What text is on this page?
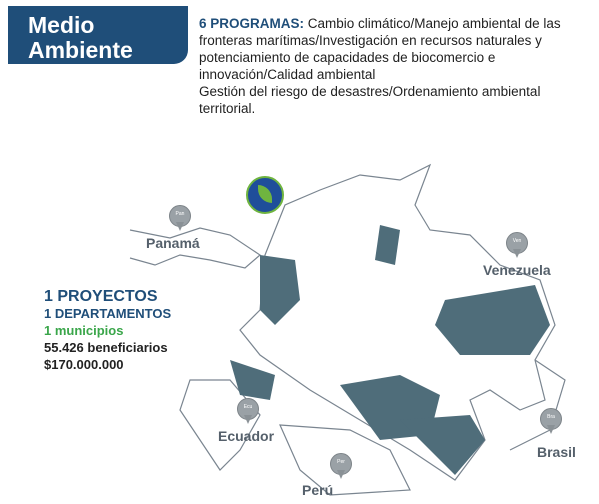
Medio
Ambiente
6 PROGRAMAS: Cambio climático/Manejo ambiental de las fronteras marítimas/Investigación en recursos naturales y potenciamiento de capacidades de biocomercio e innovación/Calidad ambiental
Gestión del riesgo de desastres/Ordenamiento ambiental territorial.
1 PROYECTOS
1 DEPARTAMENTOS
1 municipios
55.426 beneficiarios
$170.000.000
Pan
Panamá	Ven
Venezuela
Ecu
Ecuador
Per
Perú
Bra
Brasil
